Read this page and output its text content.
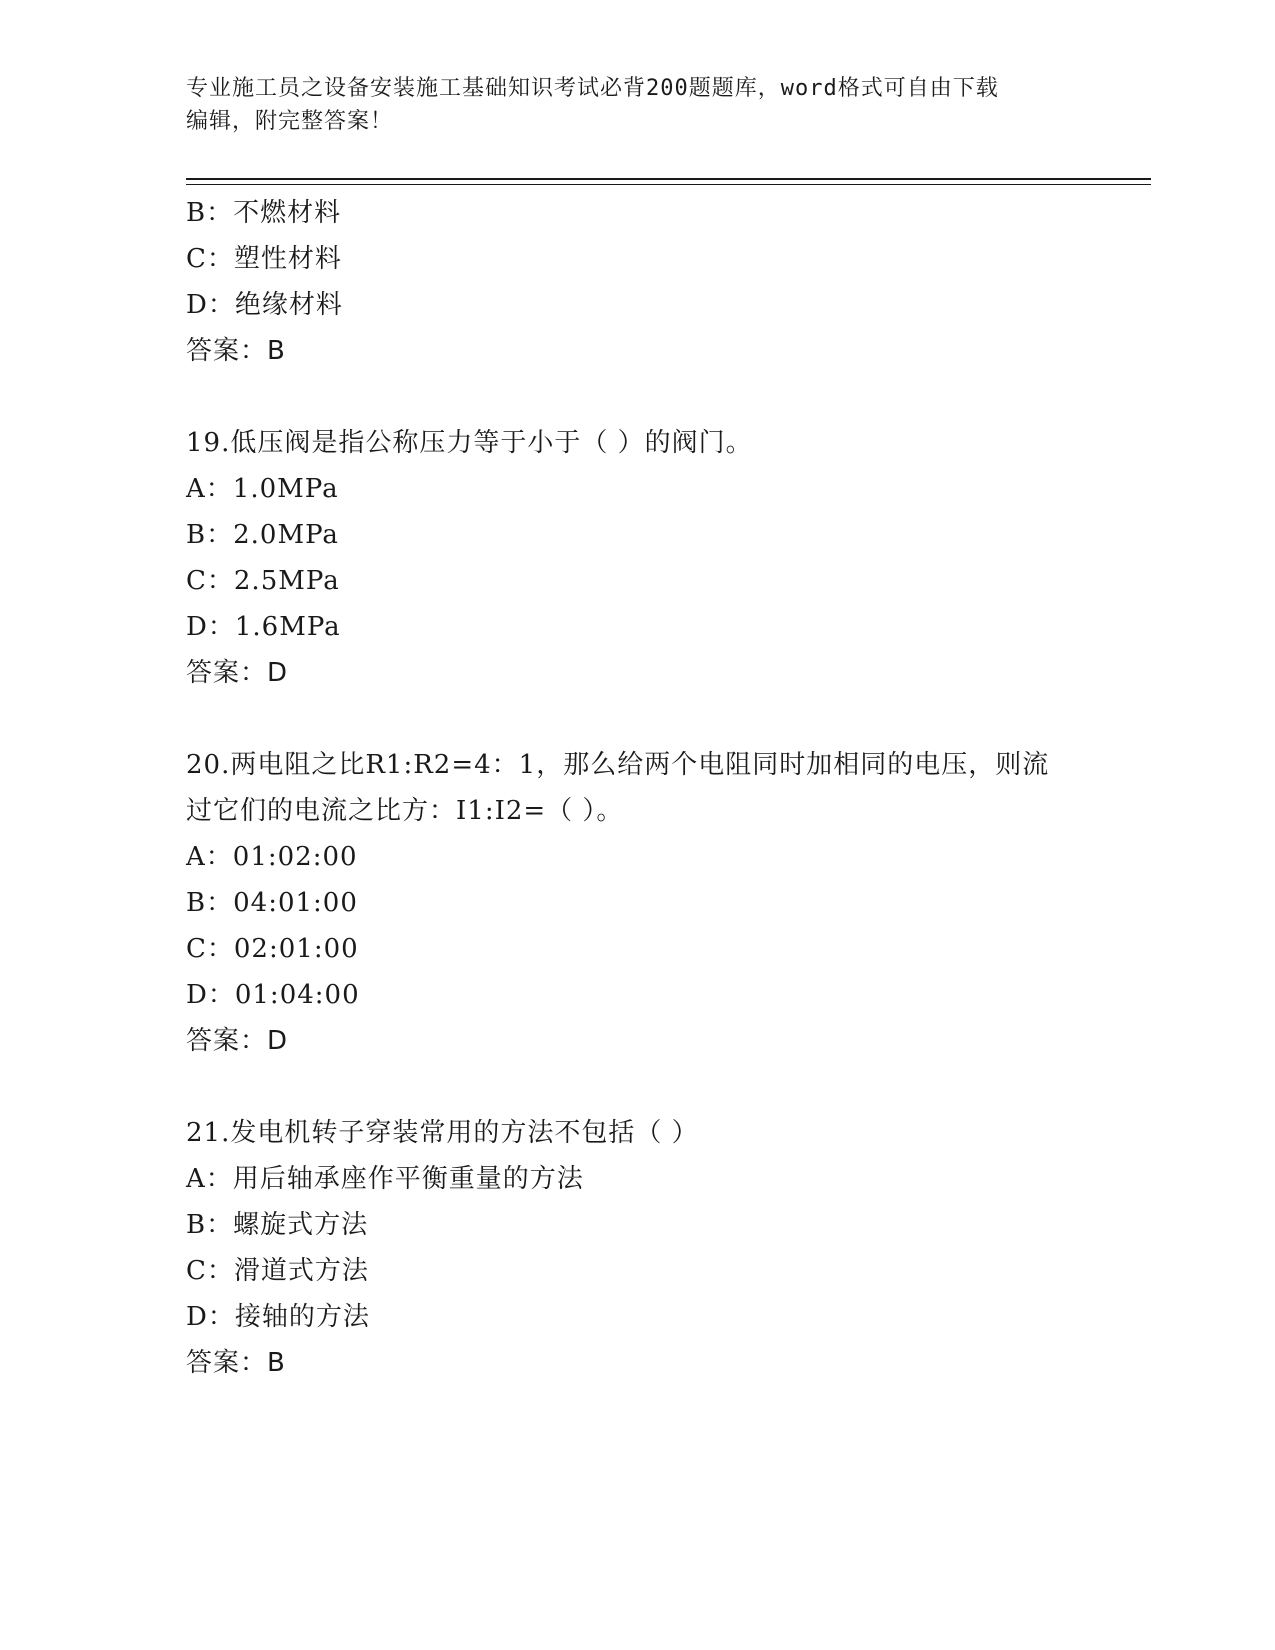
专业施工员之设备安装施工基础知识考试必背200题题库，word格式可自由下载
编辑，附完整答案！
B：不燃材料
C：塑性材料
D：绝缘材料
答案：B
19.低压阀是指公称压力等于小于（ ）的阀门。
A：1.0MPa
B：2.0MPa
C：2.5MPa
D：1.6MPa
答案：D
20.两电阻之比R1:R2=4：1，那么给两个电阻同时加相同的电压，则流
过它们的电流之比方：I1:I2=（ ）。
A：01:02:00
B：04:01:00
C：02:01:00
D：01:04:00
答案：D
21.发电机转子穿装常用的方法不包括（ ）
A：用后轴承座作平衡重量的方法
B：螺旋式方法
C：滑道式方法
D：接轴的方法
答案：B
